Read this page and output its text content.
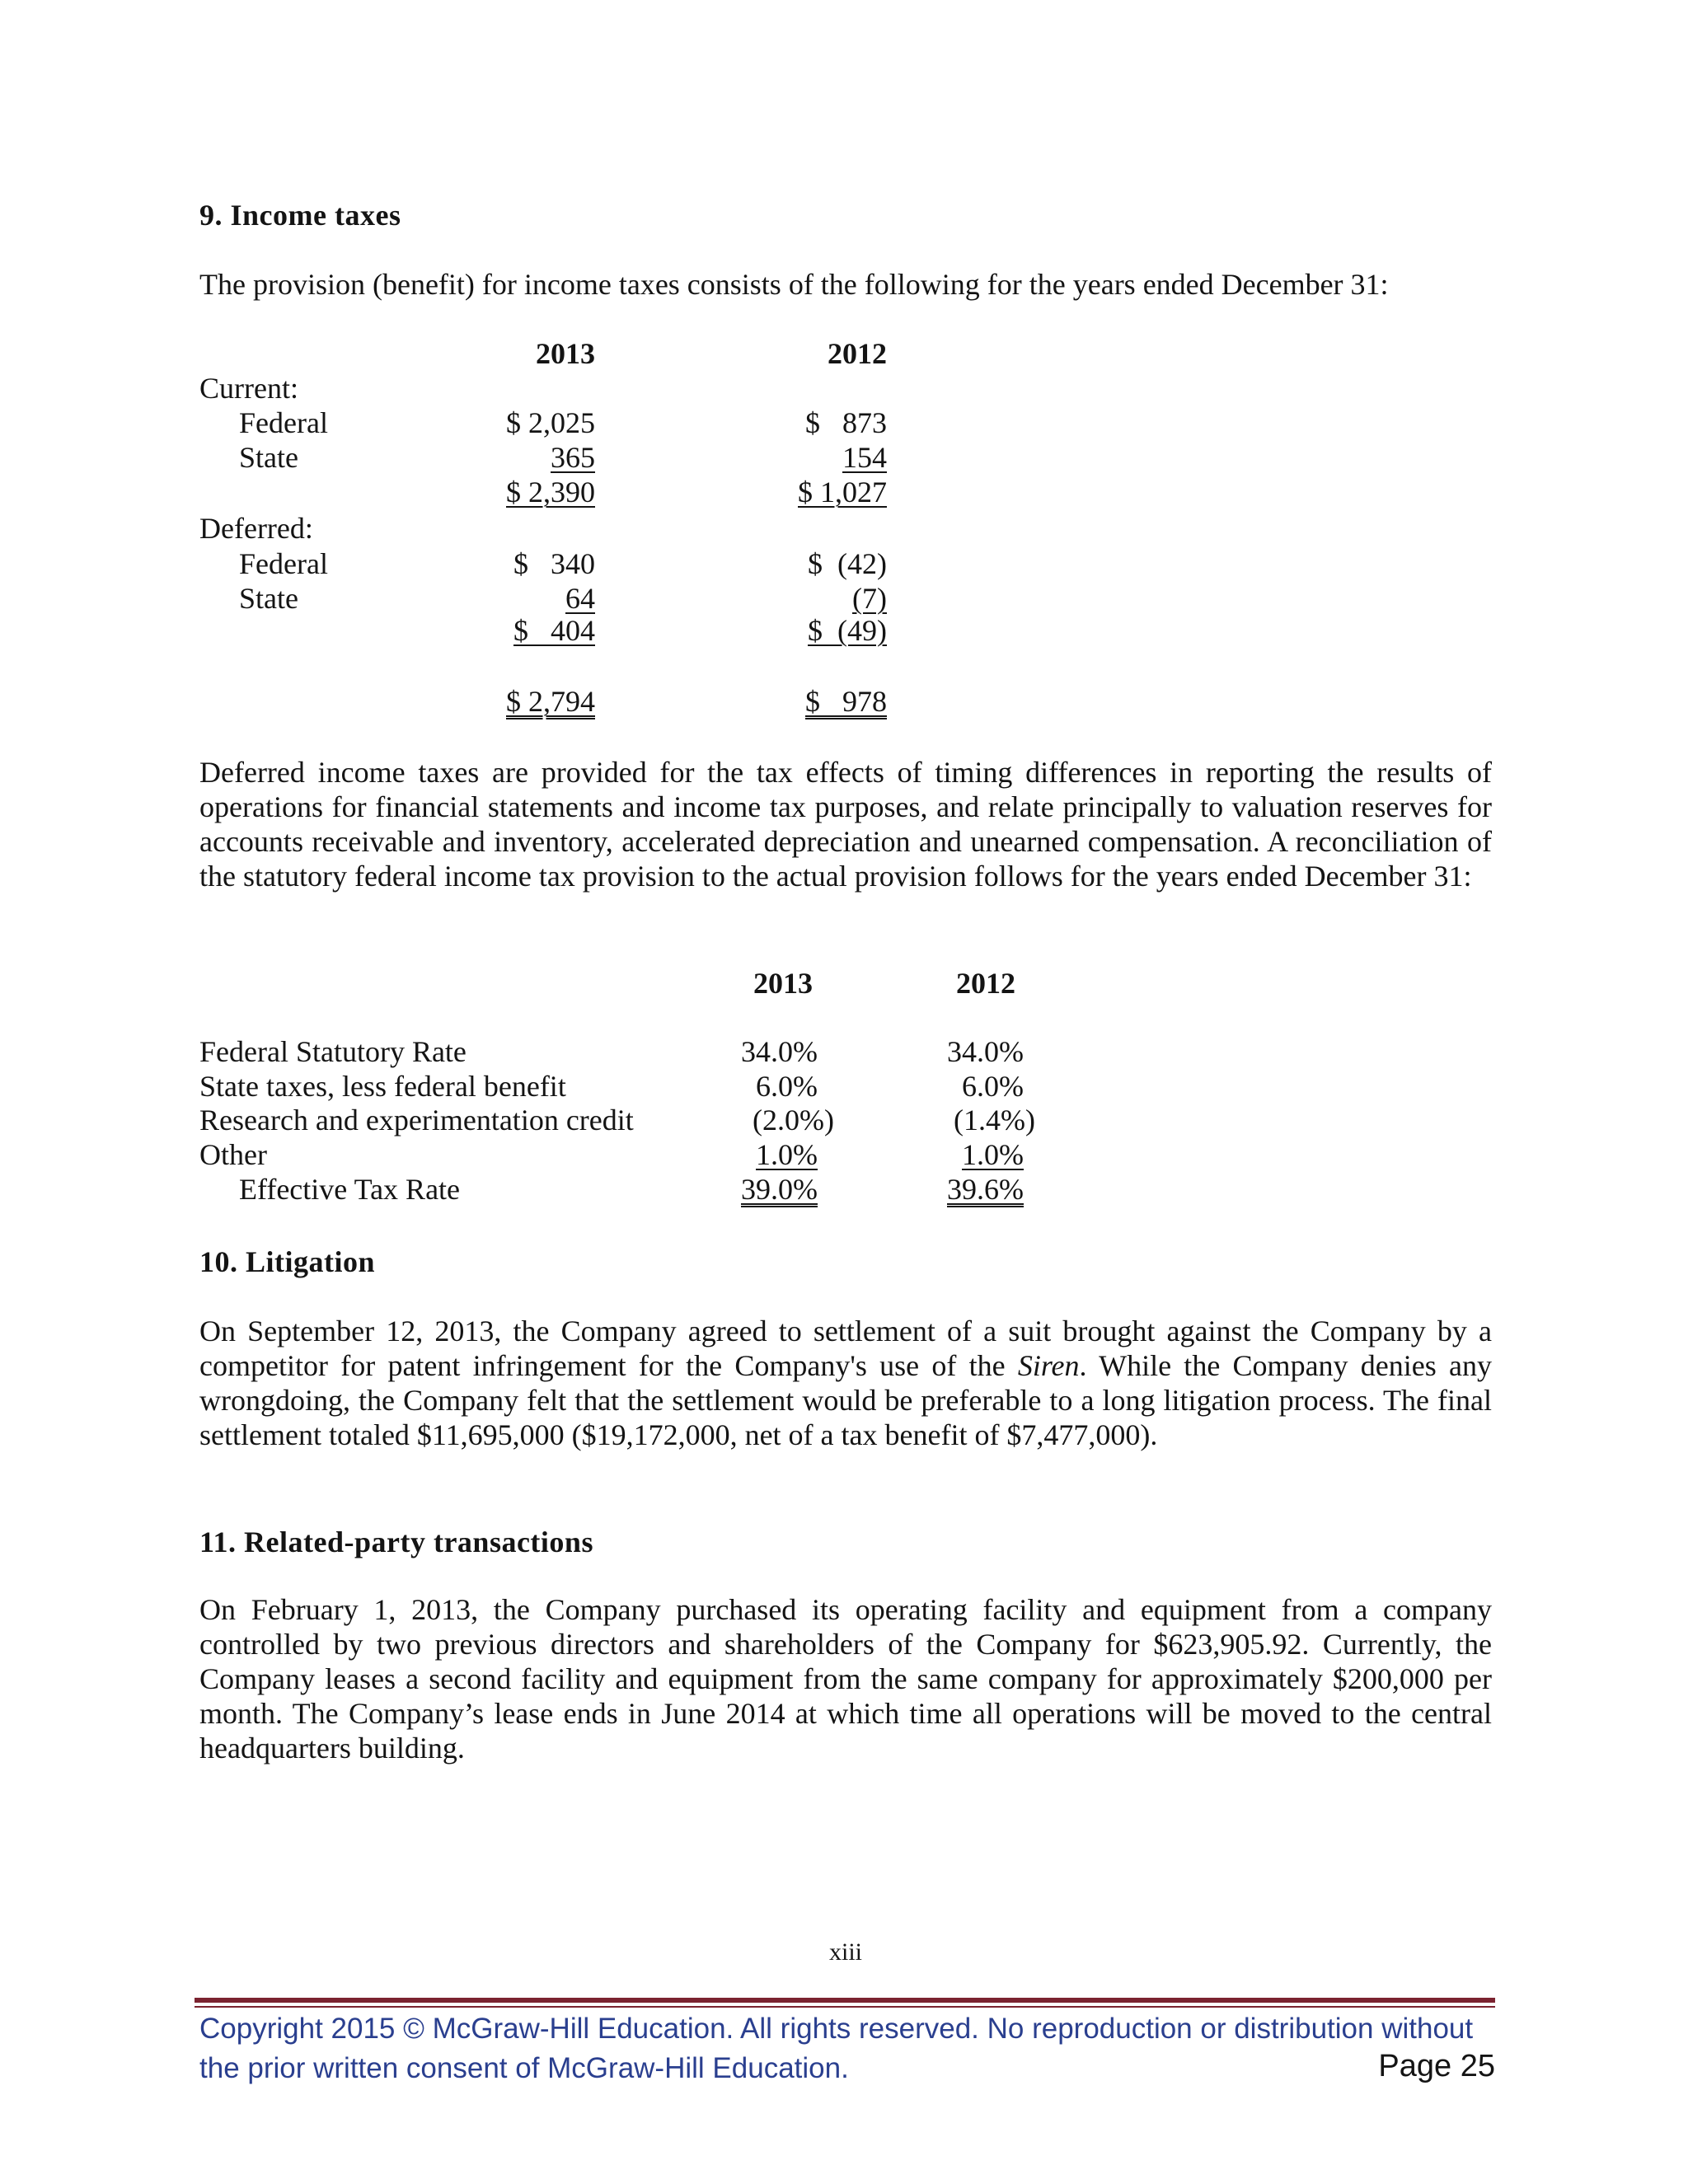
9. Income taxes
The provision (benefit) for income taxes consists of the following for the years ended December 31:
2013	2012
Current:
Federal	$ 2,025	$   873
State	365	154
$ 2,390	$ 1,027
Deferred:
Federal	$   340	$  (42)
State	64	(7)
$   404	$  (49)
$ 2,794	$   978

Deferred income taxes are provided for the tax effects of timing differences in reporting the results of operations for financial statements and income tax purposes, and relate principally to valuation reserves for accounts receivable and inventory, accelerated depreciation and unearned compensation. A reconciliation of the statutory federal income tax provision to the actual provision follows for the years ended December 31:

2013	2012
Federal Statutory Rate	34.0%	34.0%
State taxes, less federal benefit	6.0%	6.0%
Research and experimentation credit	(2.0%)	(1.4%)
Other	1.0%	1.0%
Effective Tax Rate	39.0%	39.6%
10. Litigation

On September 12, 2013, the Company agreed to settlement of a suit brought against the Company by a competitor for patent infringement for the Company's use of the Siren. While the Company denies any wrongdoing, the Company felt that the settlement would be preferable to a long litigation process. The final settlement totaled $11,695,000 ($19,172,000, net of a tax benefit of $7,477,000).

11. Related-party transactions

On February 1, 2013, the Company purchased its operating facility and equipment from a company controlled by two previous directors and shareholders of the Company for $623,905.92. Currently, the Company leases a second facility and equipment from the same company for approximately $200,000 per month. The Company’s lease ends in June 2014 at which time all operations will be moved to the central headquarters building.

xiii
Copyright 2015 © McGraw-Hill Education. All rights reserved. No reproduction or distribution without
the prior written consent of McGraw-Hill Education.	Page 25
